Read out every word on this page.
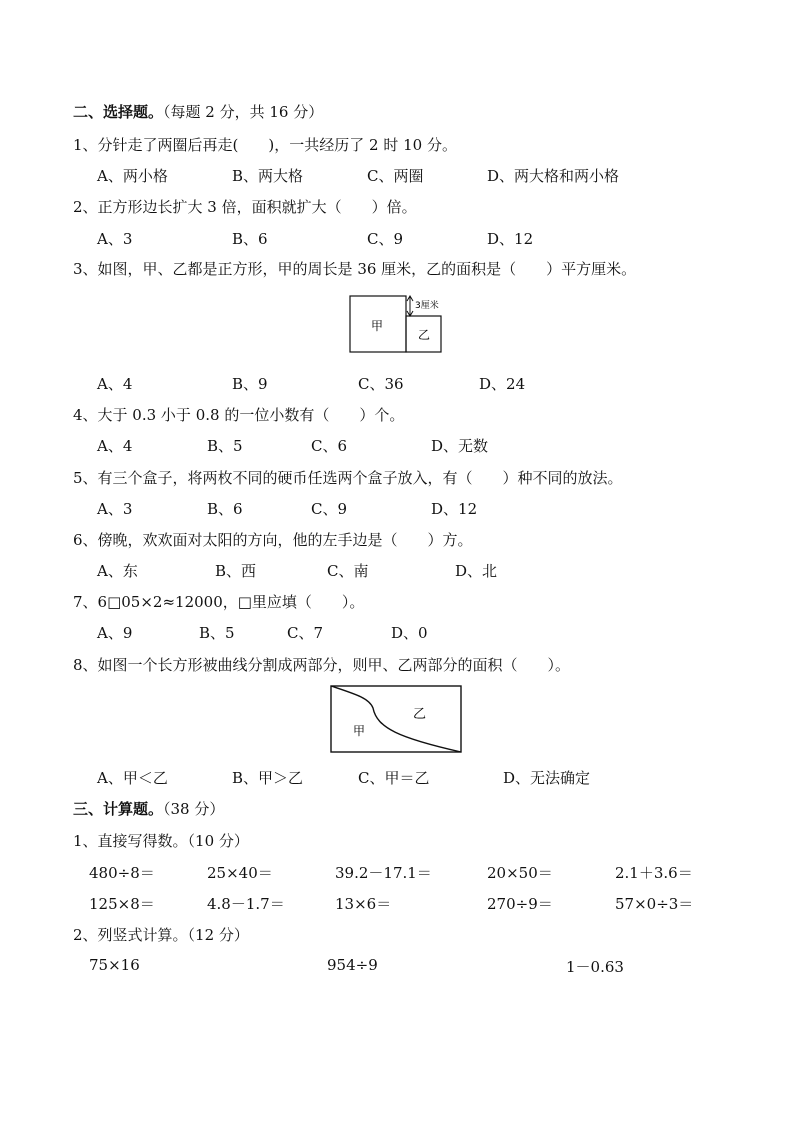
二、选择题。（每题 2 分，共 16 分）
1、分针走了两圈后再走(　　)，一共经历了 2 时 10 分。
A、两小格	B、两大格	C、两圈	D、两大格和两小格
2、正方形边长扩大 3 倍，面积就扩大（　　）倍。
A、3	B、6	C、9	D、12
3、如图，甲、乙都是正方形，甲的周长是 36 厘米，乙的面积是（　　）平方厘米。
甲
乙
3厘米
A、4	B、9	C、36	D、24
4、大于 0.3 小于 0.8 的一位小数有（　　）个。
A、4	B、5	C、6	D、无数
5、有三个盒子，将两枚不同的硬币任选两个盒子放入，有（　　）种不同的放法。
A、3	B、6	C、9	D、12
6、傍晚，欢欢面对太阳的方向，他的左手边是（　　）方。
A、东	B、西	C、南	D、北
7、6□05×2≈12000，□里应填（　　）。
A、9	B、5	C、7	D、0
8、如图一个长方形被曲线分割成两部分，则甲、乙两部分的面积（　　）。
甲
乙
A、甲＜乙	B、甲＞乙	C、甲＝乙	D、无法确定
三、计算题。（38 分）
1、直接写得数。（10 分）
480÷8＝	25×40＝	39.2－17.1＝	20×50＝	2.1＋3.6＝
125×8＝	4.8－1.7＝	13×6＝	270÷9＝	57×0÷3＝
2、列竖式计算。（12 分）
75×16	954÷9	1－0.63
